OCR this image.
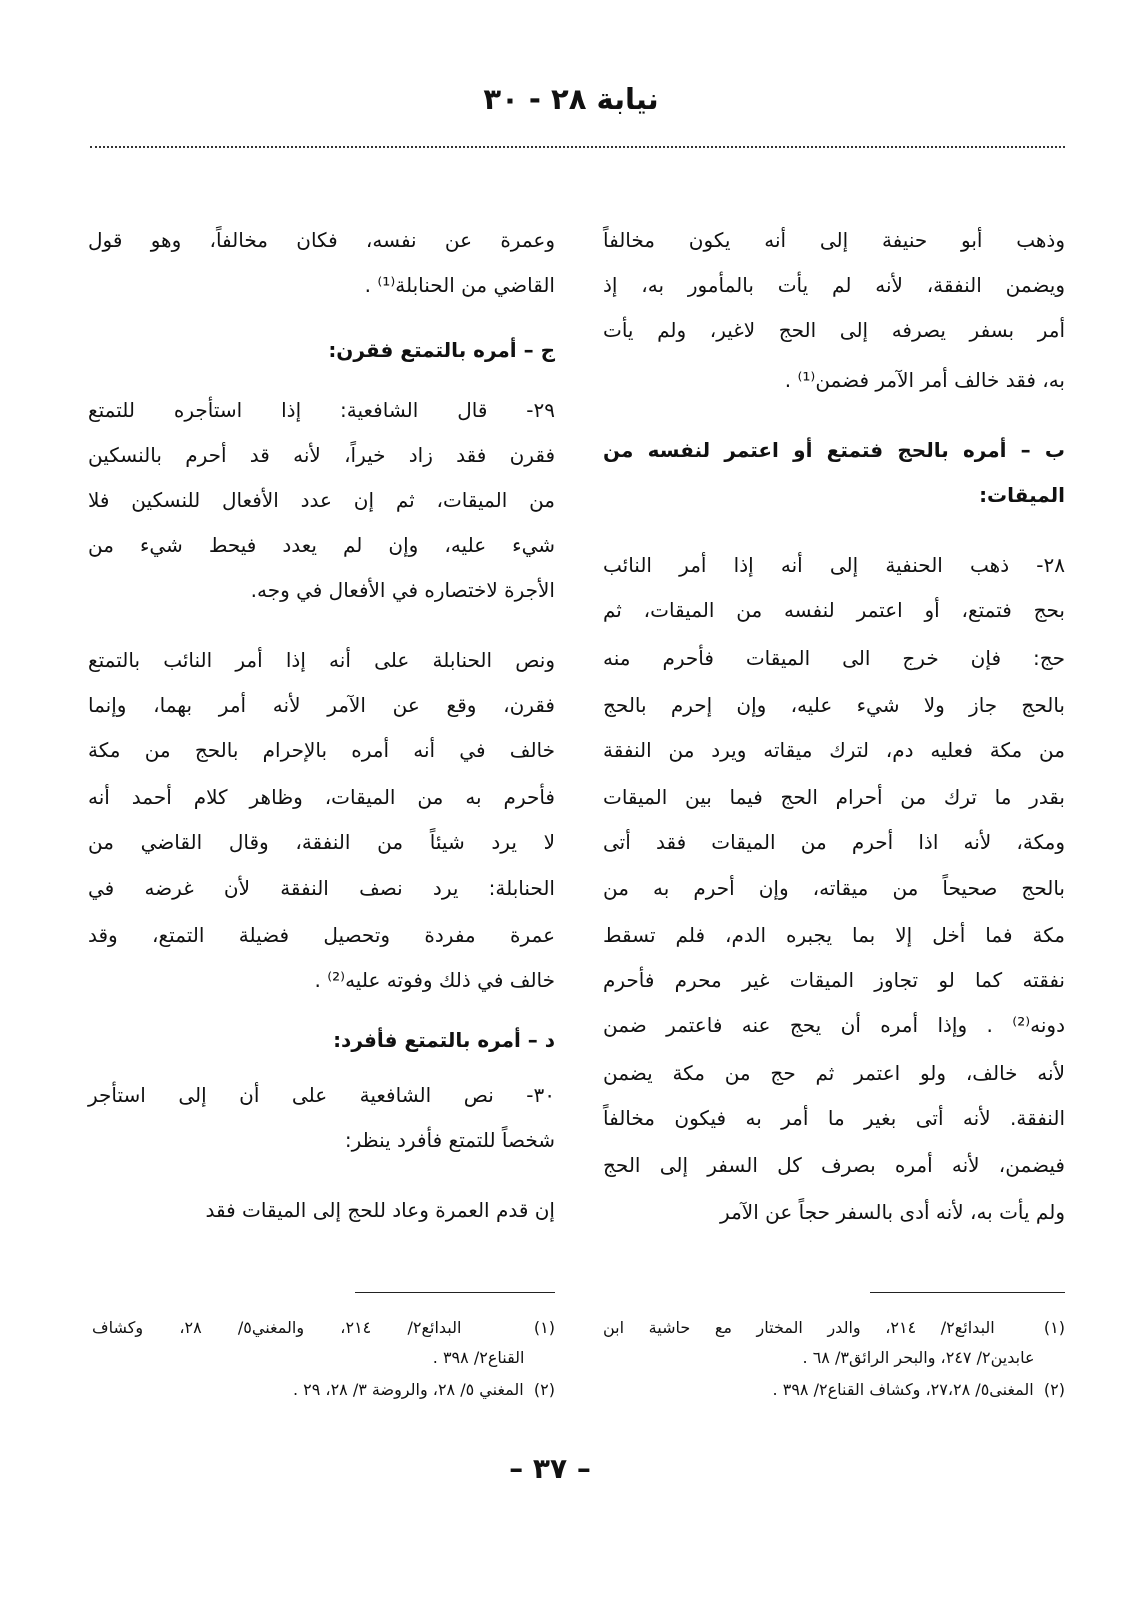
نيابة ٢٨ - ٣٠
وذهب أبو حنيفة إلى أنه يكون مخالفاً
ويضمن النفقة، لأنه لم يأت بالمأمور به، إذ
أمر بسفر يصرفه إلى الحج لاغير، ولم يأت
به، فقد خالف أمر الآمر فضمن⁽¹⁾ .
ب – أمره بالحج فتمتع أو اعتمر لنفسه من
الميقات:
٢٨- ذهب الحنفية إلى أنه إذا أمر النائب
بحج فتمتع، أو اعتمر لنفسه من الميقات، ثم
حج: فإن خرج الى الميقات فأحرم منه
بالحج جاز ولا شيء عليه، وإن إحرم بالحج
من مكة فعليه دم، لترك ميقاته ويرد من النفقة
بقدر ما ترك من أحرام الحج فيما بين الميقات
ومكة، لأنه اذا أحرم من الميقات فقد أتى
بالحج صحيحاً من ميقاته، وإن أحرم به من
مكة فما أخل إلا بما يجبره الدم، فلم تسقط
نفقته كما لو تجاوز الميقات غير محرم فأحرم
دونه⁽²⁾ . وإذا أمره أن يحج عنه فاعتمر ضمن
لأنه خالف، ولو اعتمر ثم حج من مكة يضمن
النفقة. لأنه أتى بغير ما أمر به فيكون مخالفاً
فيضمن، لأنه أمره بصرف كل السفر إلى الحج
ولم يأت به، لأنه أدى بالسفر حجاً عن الآمر
وعمرة عن نفسه، فكان مخالفاً، وهو قول
القاضي من الحنابلة⁽¹⁾ .
ج – أمره بالتمتع فقرن:
٢٩- قال الشافعية: إذا استأجره للتمتع
فقرن فقد زاد خيراً، لأنه قد أحرم بالنسكين
من الميقات، ثم إن عدد الأفعال للنسكين فلا
شيء عليه، وإن لم يعدد فيحط شيء من
الأجرة لاختصاره في الأفعال في وجه.
ونص الحنابلة على أنه إذا أمر النائب بالتمتع
فقرن، وقع عن الآمر لأنه أمر بهما، وإنما
خالف في أنه أمره بالإحرام بالحج من مكة
فأحرم به من الميقات، وظاهر كلام أحمد أنه
لا يرد شيئاً من النفقة، وقال القاضي من
الحنابلة: يرد نصف النفقة لأن غرضه في
عمرة مفردة وتحصيل فضيلة التمتع، وقد
خالف في ذلك وفوته عليه⁽²⁾ .
د – أمره بالتمتع فأفرد:
٣٠- نص الشافعية على أن إلى استأجر
شخصاً للتمتع فأفرد ينظر:
إن قدم العمرة وعاد للحج إلى الميقات فقد
(١)  البدائع٢/ ٢١٤، والدر المختار مع حاشية ابن
عابدين٢/ ٢٤٧، والبحر الرائق٣/ ٦٨ .
(٢)  المغنى٥/ ٢٧،٢٨، وكشاف القناع٢/ ٣٩٨ .
(١)  البدائع٢/ ٢١٤، والمغني٥/ ٢٨، وكشاف
القناع٢/ ٣٩٨ .
(٢)  المغني ٥/ ٢٨، والروضة ٣/ ٢٨، ٢٩ .
– ٣٧ –
